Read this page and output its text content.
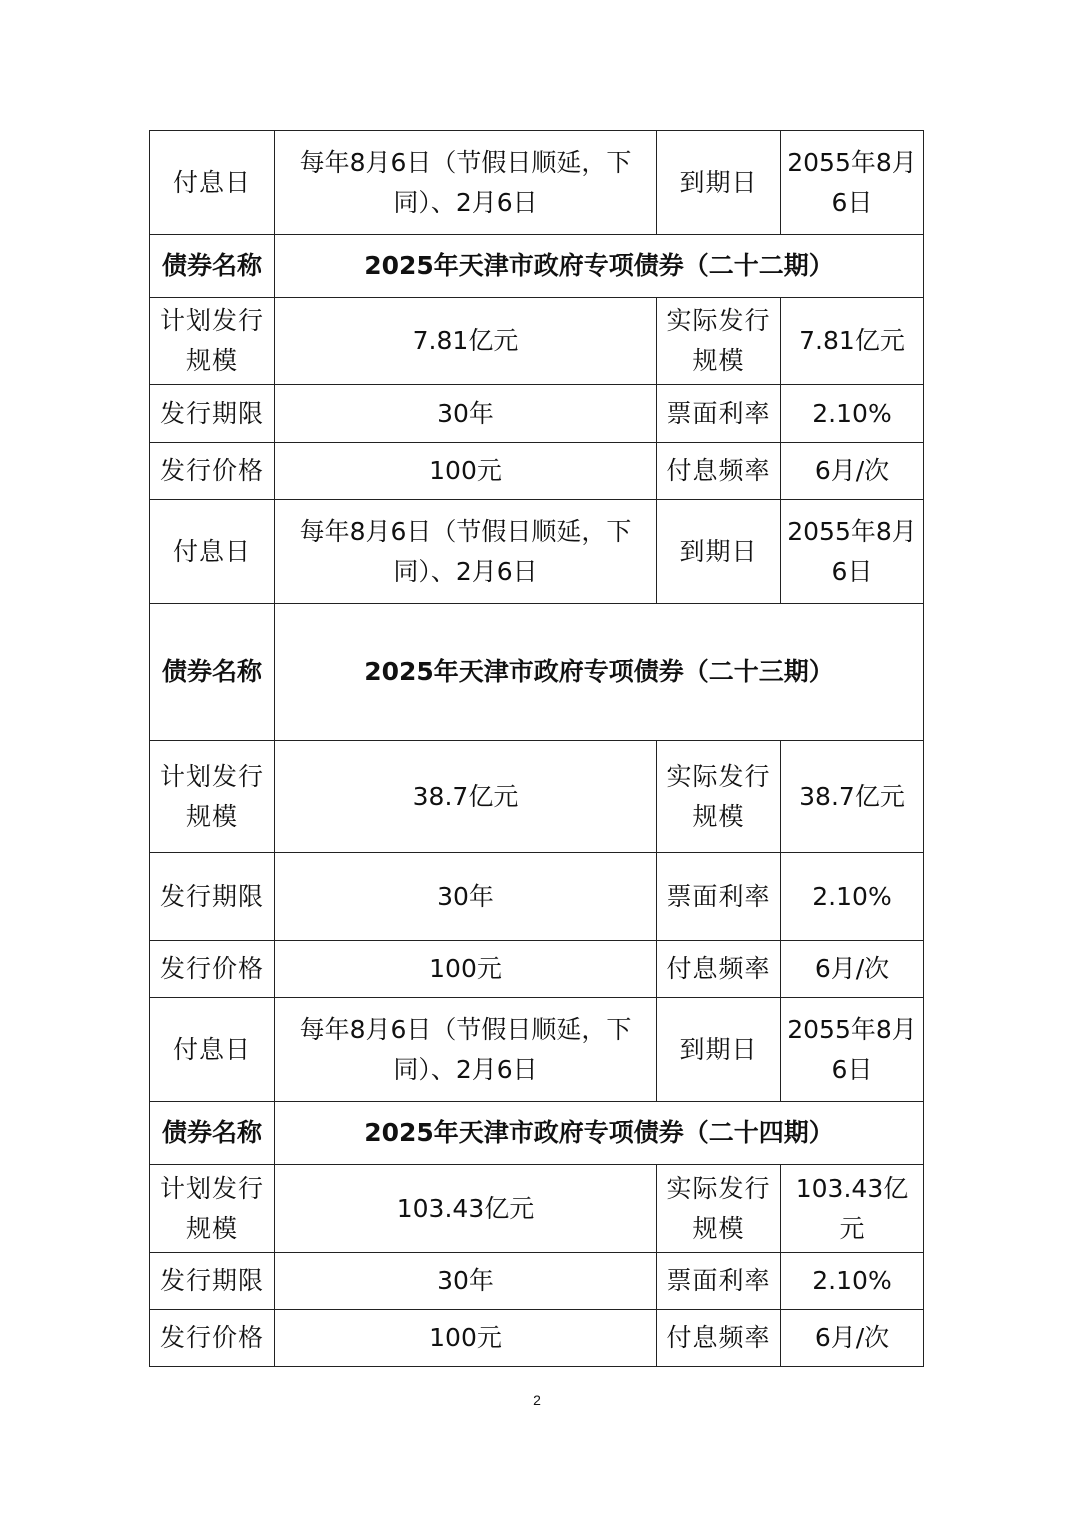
付息日	每年8月6日（节假日顺延，下同）、2月6日	到期日	2055年8月6日
债券名称	2025年天津市政府专项债券（二十二期）		
计划发行规模	7.81亿元	实际发行规模	7.81亿元
发行期限	30年	票面利率	2.10%
发行价格	100元	付息频率	6月/次
付息日	每年8月6日（节假日顺延，下同）、2月6日	到期日	2055年8月6日
债券名称	2025年天津市政府专项债券（二十三期）		
计划发行规模	38.7亿元	实际发行规模	38.7亿元
发行期限	30年	票面利率	2.10%
发行价格	100元	付息频率	6月/次
付息日	每年8月6日（节假日顺延，下同）、2月6日	到期日	2055年8月6日
债券名称	2025年天津市政府专项债券（二十四期）		
计划发行规模	103.43亿元	实际发行规模	103.43亿元
发行期限	30年	票面利率	2.10%
发行价格	100元	付息频率	6月/次
2
